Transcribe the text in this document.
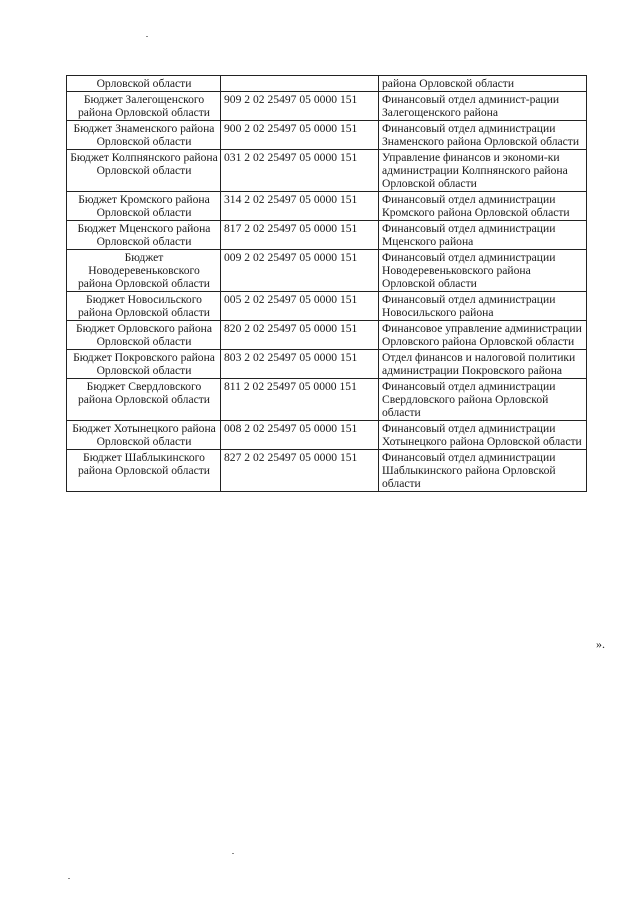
Орловской области		района Орловской области
Бюджет Залегощенского района Орловской области	909 2 02 25497 05 0000 151	Финансовый отдел админист-рации Залегощенского района
Бюджет Знаменского района Орловской области	900 2 02 25497 05 0000 151	Финансовый отдел администрации Знаменского района Орловской области
Бюджет Колпнянского района Орловской области	031 2 02 25497 05 0000 151	Управление финансов и экономи-ки администрации Колпнянского района Орловской области
Бюджет Кромского района Орловской области	314 2 02 25497 05 0000 151	Финансовый отдел администрации Кромского района Орловской области
Бюджет Мценского района Орловской области	817 2 02 25497 05 0000 151	Финансовый отдел администрации Мценского района
Бюджет Новодеревеньковского района Орловской области	009 2 02 25497 05 0000 151	Финансовый отдел администрации Новодеревеньковского района Орловской области
Бюджет Новосильского района Орловской области	005 2 02 25497 05 0000 151	Финансовый отдел администрации Новосильского района
Бюджет Орловского района Орловской области	820 2 02 25497 05 0000 151	Финансовое управление администрации Орловского района Орловской области
Бюджет Покровского района Орловской области	803 2 02 25497 05 0000 151	Отдел финансов и налоговой политики администрации Покровского района
Бюджет Свердловского района Орловской области	811 2 02 25497 05 0000 151	Финансовый отдел администрации Свердловского района Орловской области
Бюджет Хотынецкого района Орловской области	008 2 02 25497 05 0000 151	Финансовый отдел администрации Хотынецкого района Орловской области
Бюджет Шаблыкинского района Орловской области	827 2 02 25497 05 0000 151	Финансовый отдел администрации Шаблыкинского района Орловской области
».
